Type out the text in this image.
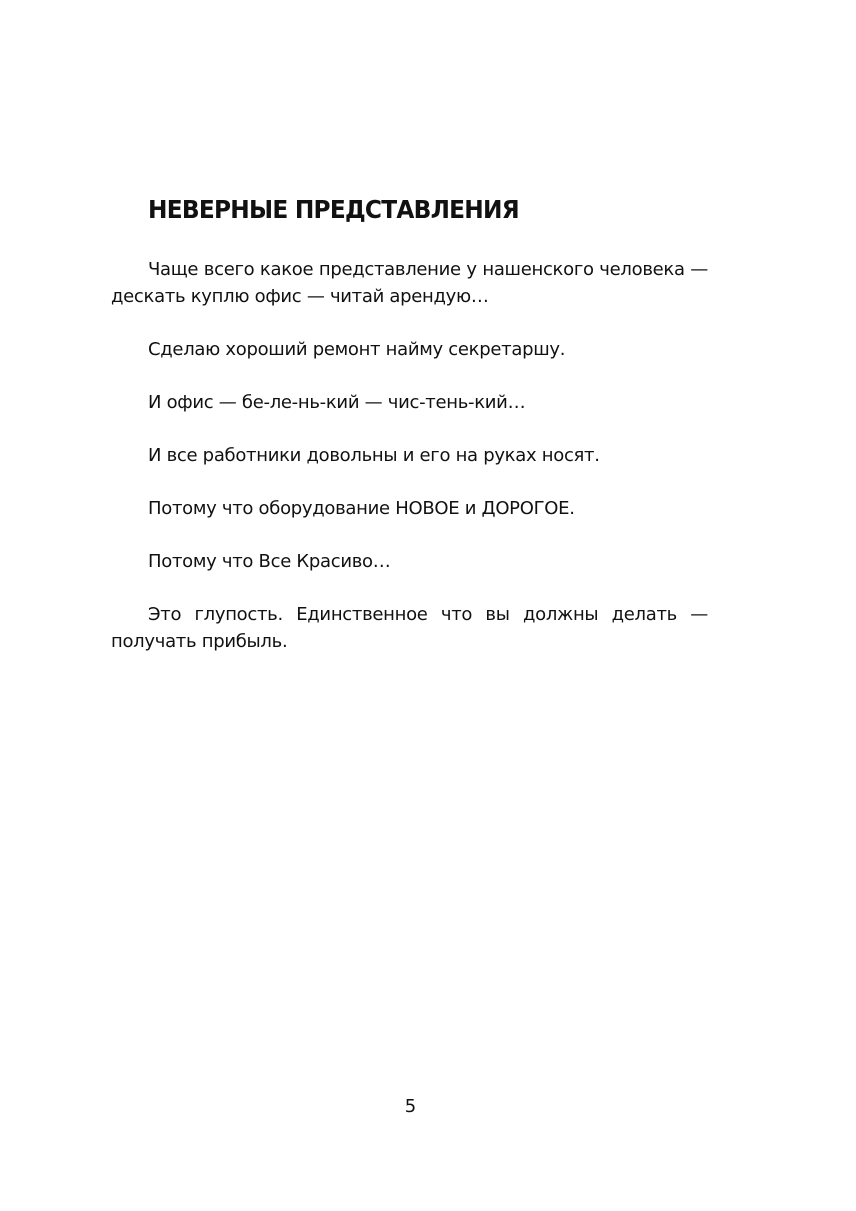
НЕВЕРНЫЕ ПРЕДСТАВЛЕНИЯ

Чаще всего какое представление у нашенского человека — дескать куплю офис — читай арендую…

Сделаю хороший ремонт найму секретаршу.

И офис — бе-ле-нь-кий — чис-тень-кий…

И все работники довольны и его на руках носят.

Потому что оборудование НОВОЕ и ДОРОГОЕ.

Потому что Все Красиво…

Это глупость. Единственное что вы должны делать — получать прибыль.

5
